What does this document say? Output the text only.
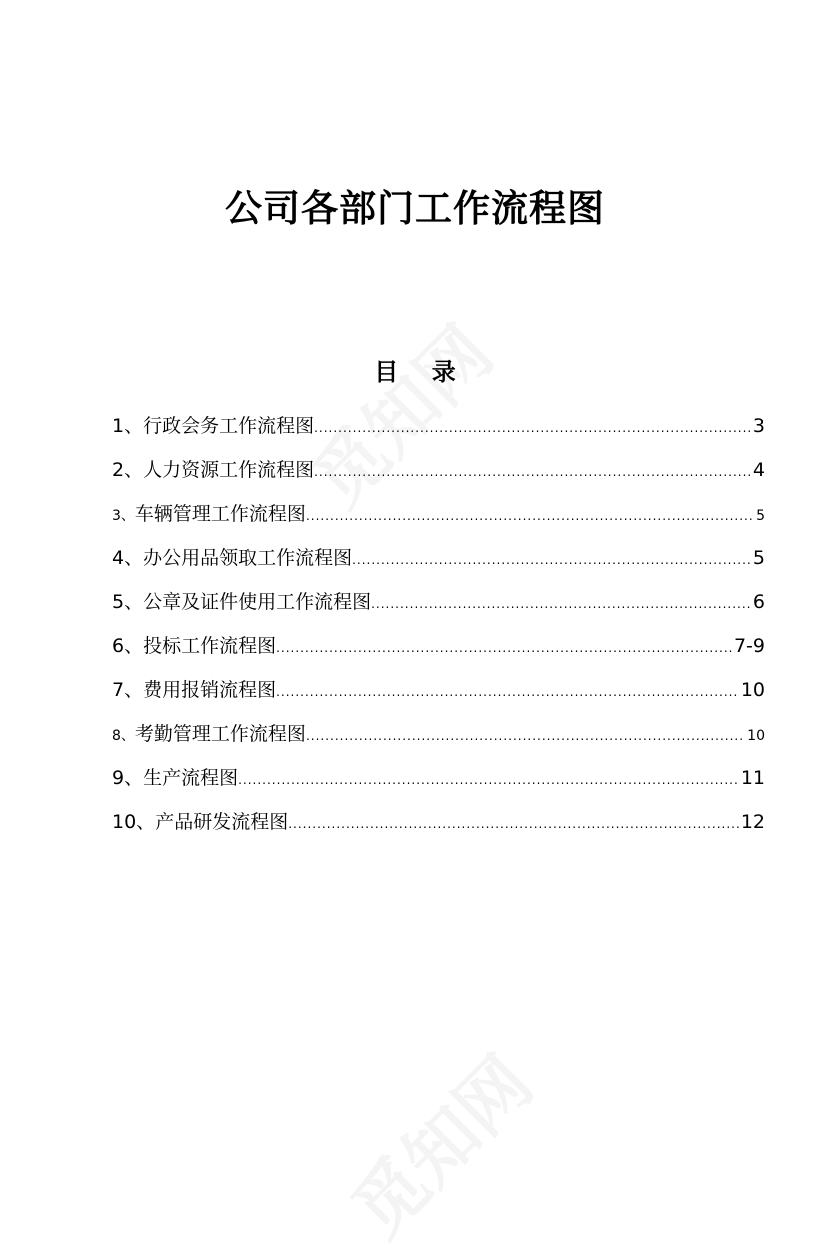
公司各部门工作流程图
目    录
1、 行政会务工作流程图 .....	3
2、 人力资源工作流程图 .....	4
3、 车辆管理工作流程图 .....	5
4、 办公用品领取工作流程图 .....	5
5、 公章及证件使用工作流程图 .....	6
6、 投标工作流程图 .....	7-9
7、 费用报销流程图 .....	10
8、 考勤管理工作流程图 .....	10
9、 生产流程图 .....	11
10、 产品研发流程图 .....	12
